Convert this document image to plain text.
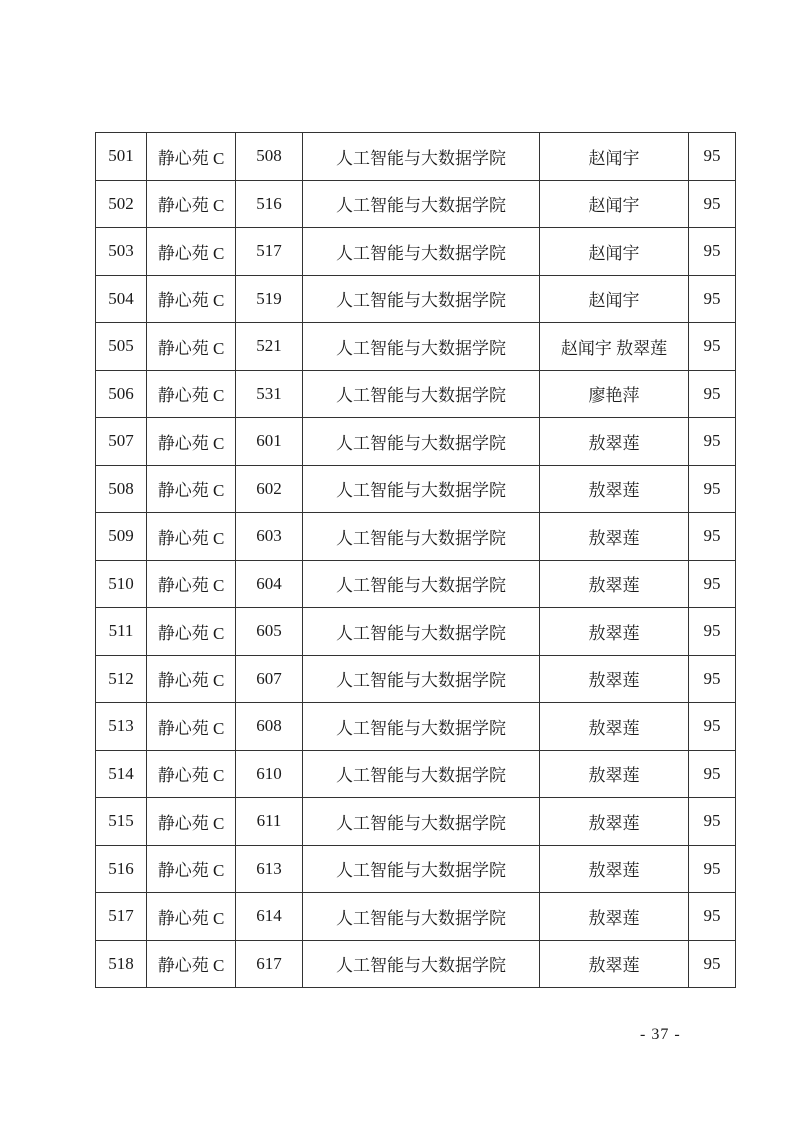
501	静心苑 C	508	人工智能与大数据学院	赵闻宇	95
502	静心苑 C	516	人工智能与大数据学院	赵闻宇	95
503	静心苑 C	517	人工智能与大数据学院	赵闻宇	95
504	静心苑 C	519	人工智能与大数据学院	赵闻宇	95
505	静心苑 C	521	人工智能与大数据学院	赵闻宇 敖翠莲	95
506	静心苑 C	531	人工智能与大数据学院	廖艳萍	95
507	静心苑 C	601	人工智能与大数据学院	敖翠莲	95
508	静心苑 C	602	人工智能与大数据学院	敖翠莲	95
509	静心苑 C	603	人工智能与大数据学院	敖翠莲	95
510	静心苑 C	604	人工智能与大数据学院	敖翠莲	95
511	静心苑 C	605	人工智能与大数据学院	敖翠莲	95
512	静心苑 C	607	人工智能与大数据学院	敖翠莲	95
513	静心苑 C	608	人工智能与大数据学院	敖翠莲	95
514	静心苑 C	610	人工智能与大数据学院	敖翠莲	95
515	静心苑 C	611	人工智能与大数据学院	敖翠莲	95
516	静心苑 C	613	人工智能与大数据学院	敖翠莲	95
517	静心苑 C	614	人工智能与大数据学院	敖翠莲	95
518	静心苑 C	617	人工智能与大数据学院	敖翠莲	95
- 37 -
